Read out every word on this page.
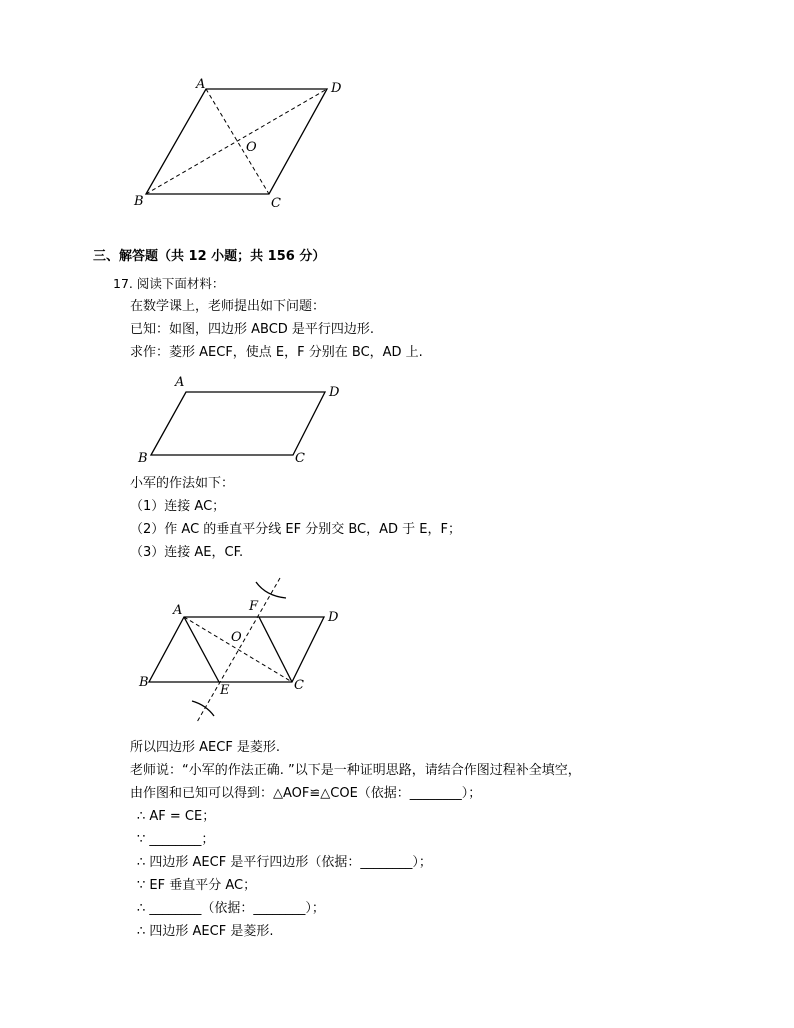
A	D
O
B	C
三、解答题（共 12 小题；共 156 分）
17. 阅读下面材料：
在数学课上，老师提出如下问题：
已知：如图，四边形 ABCD 是平行四边形.
求作：菱形 AECF，使点 E，F 分别在 BC，AD 上.
A
D
B	C
小军的作法如下：
（1）连接 AC；
（2）作 AC 的垂直平分线 EF 分别交 BC，AD 于 E，F；
（3）连接 AE，CF.
A	F
D
O
B
E	C
所以四边形 AECF 是菱形.
老师说：“小军的作法正确. ”以下是一种证明思路，请结合作图过程补全填空，
由作图和已知可以得到：△AOF≌△COE（依据：________）；
∴ AF = CE；
∵ ________；
∴ 四边形 AECF 是平行四边形（依据：________）；
∵ EF 垂直平分 AC；
∴ ________（依据：________）；
∴ 四边形 AECF 是菱形.
